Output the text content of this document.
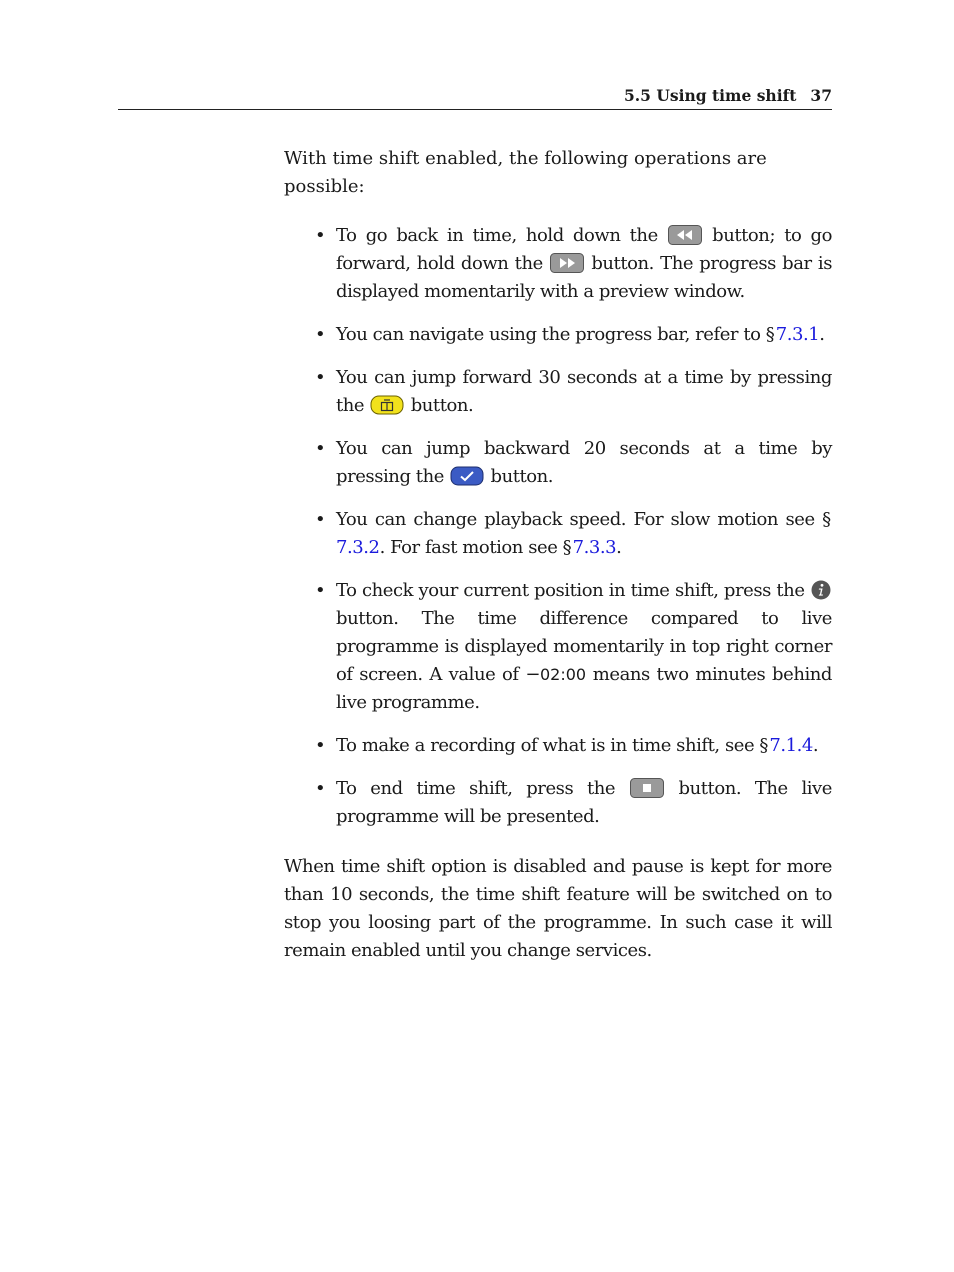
5.5 Using time shift 37

With time shift enabled, the following operations are possible:

• To go back in time, hold down the	button; to go forward, hold down the	button. The progress bar is displayed momentarily with a preview window.
• You can navigate using the progress bar, refer to § 7.3.1.
• You can jump forward 30 seconds at a time by pressing the	button.
• You can jump backward 20 seconds at a time by pressing the	button.
• You can change playback speed. For slow motion see § 7.3.2. For fast motion see § 7.3.3.
• To check your current position in time shift, press the
button. The time difference compared to live programme is displayed momentarily in top right corner of screen. A value of −02:00 means two minutes behind live programme.
• To make a recording of what is in time shift, see § 7.1.4.
• To end time shift, press the	button. The live programme will be presented.

When time shift option is disabled and pause is kept for more than 10 seconds, the time shift feature will be switched on to stop you loosing part of the programme. In such case it will remain enabled until you change services.
